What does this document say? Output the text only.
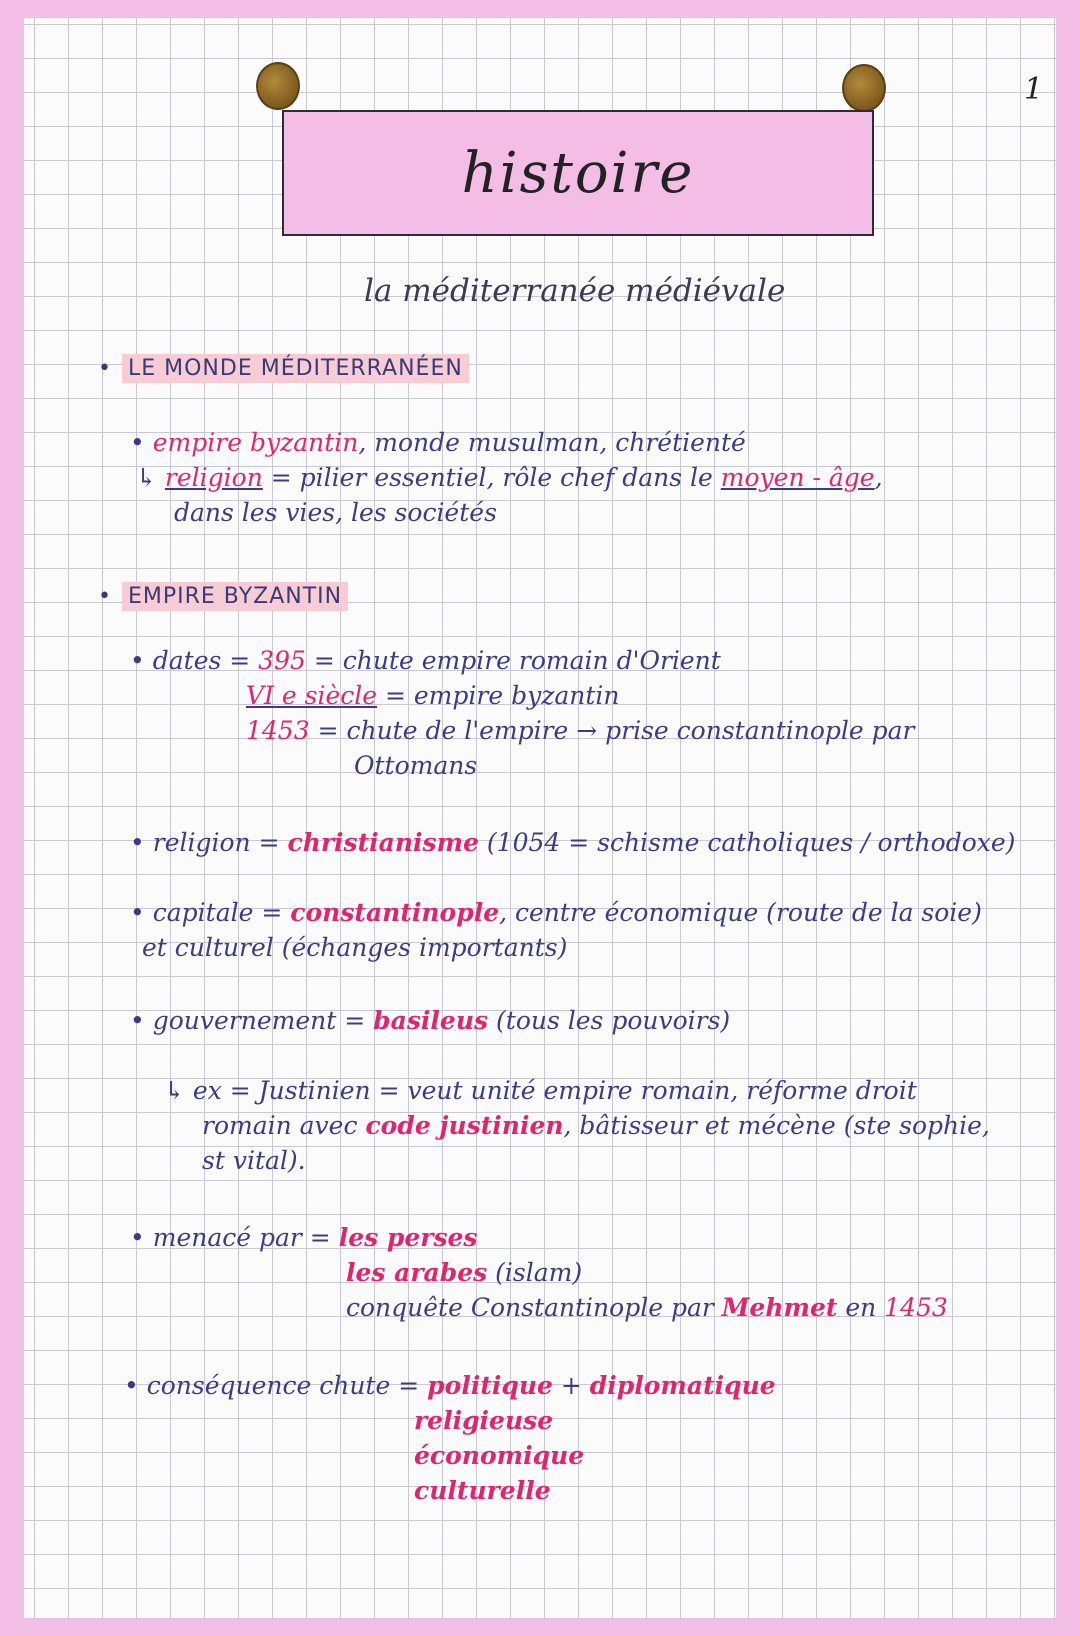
histoire
1
la méditerranée médiévale
• LE MONDE MÉDITERRANÉEN
• empire byzantin, monde musulman, chrétienté
↳ religion = pilier essentiel, rôle chef dans le moyen - âge,
dans les vies, les sociétés
• EMPIRE BYZANTIN
• dates = 395 = chute empire romain d'Orient
VI e siècle = empire byzantin
1453 = chute de l'empire → prise constantinople par
Ottomans
• religion = christianisme (1054 = schisme catholiques / orthodoxe)
• capitale = constantinople, centre économique (route de la soie)
et culturel (échanges importants)
• gouvernement = basileus (tous les pouvoirs)
↳ ex = Justinien = veut unité empire romain, réforme droit
romain avec code justinien, bâtisseur et mécène (ste sophie,
st vital).
• menacé par = les perses
les arabes (islam)
conquête Constantinople par Mehmet en 1453
• conséquence chute = politique + diplomatique
religieuse
économique
culturelle
